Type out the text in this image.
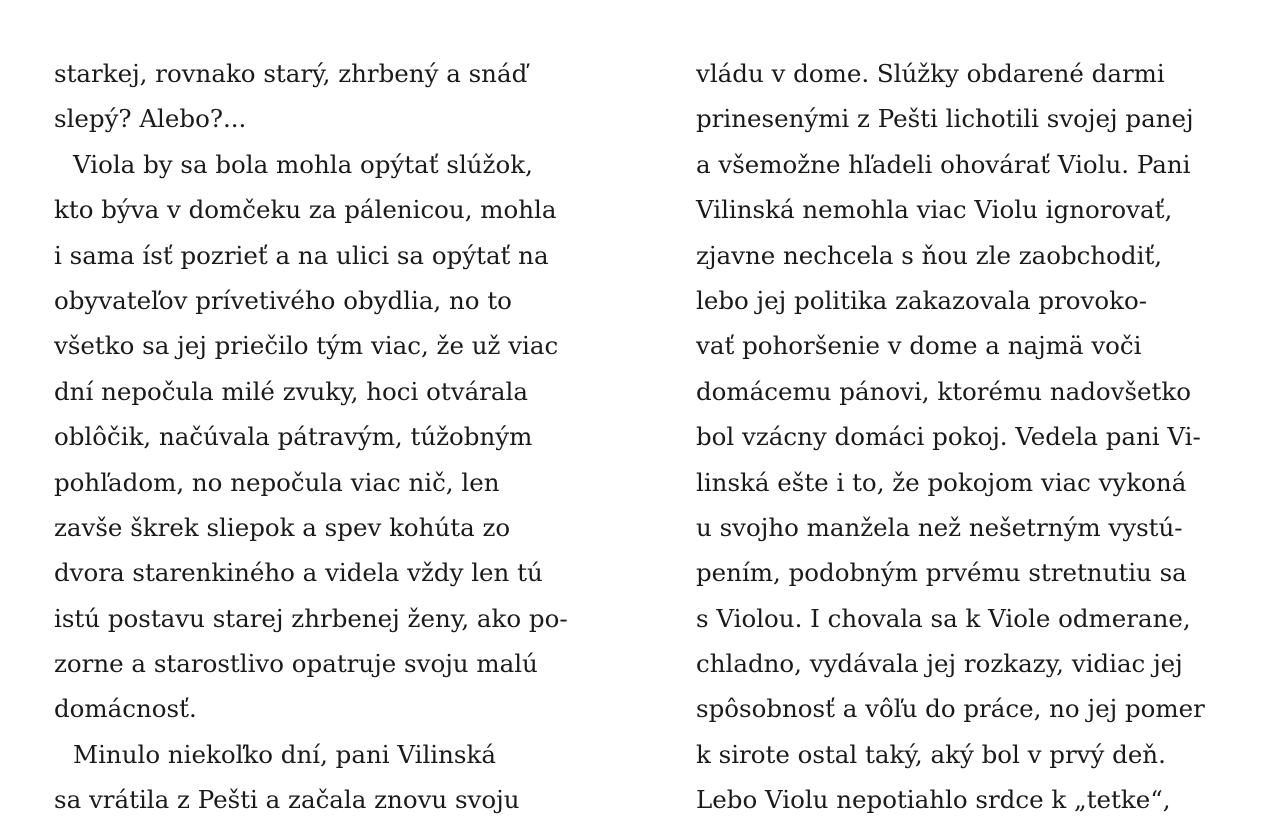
starkej, rovnako starý, zhrbený a snáď
slepý? Alebo?...
Viola by sa bola mohla opýtať slúžok,
kto býva v domčeku za pálenicou, mohla
i sama ísť pozrieť a na ulici sa opýtať na
obyvateľov prívetivého obydlia, no to
všetko sa jej priečilo tým viac, že už viac
dní nepočula milé zvuky, hoci otvárala
oblôčik, načúvala pátravým, túžobným
pohľadom, no nepočula viac nič, len
zavše škrek sliepok a spev kohúta zo
dvora starenkiného a videla vždy len tú
istú postavu starej zhrbenej ženy, ako po-
zorne a starostlivo opatruje svoju malú
domácnosť.
Minulo niekoľko dní, pani Vilinská
sa vrátila z Pešti a začala znovu svoju
vládu v dome. Slúžky obdarené darmi
prinesenými z Pešti lichotili svojej panej
a všemožne hľadeli ohovárať Violu. Pani
Vilinská nemohla viac Violu ignorovať,
zjavne nechcela s ňou zle zaobchodiť,
lebo jej politika zakazovala provoko-
vať pohoršenie v dome a najmä voči
domácemu pánovi, ktorému nadovšetko
bol vzácny domáci pokoj. Vedela pani Vi-
linská ešte i to, že pokojom viac vykoná
u svojho manžela než nešetrným vystú-
pením, podobným prvému stretnutiu sa
s Violou. I chovala sa k Viole odmerane,
chladno, vydávala jej rozkazy, vidiac jej
spôsobnosť a vôľu do práce, no jej pomer
k sirote ostal taký, aký bol v prvý deň.
Lebo Violu nepotiahlo srdce k „tetke“,
